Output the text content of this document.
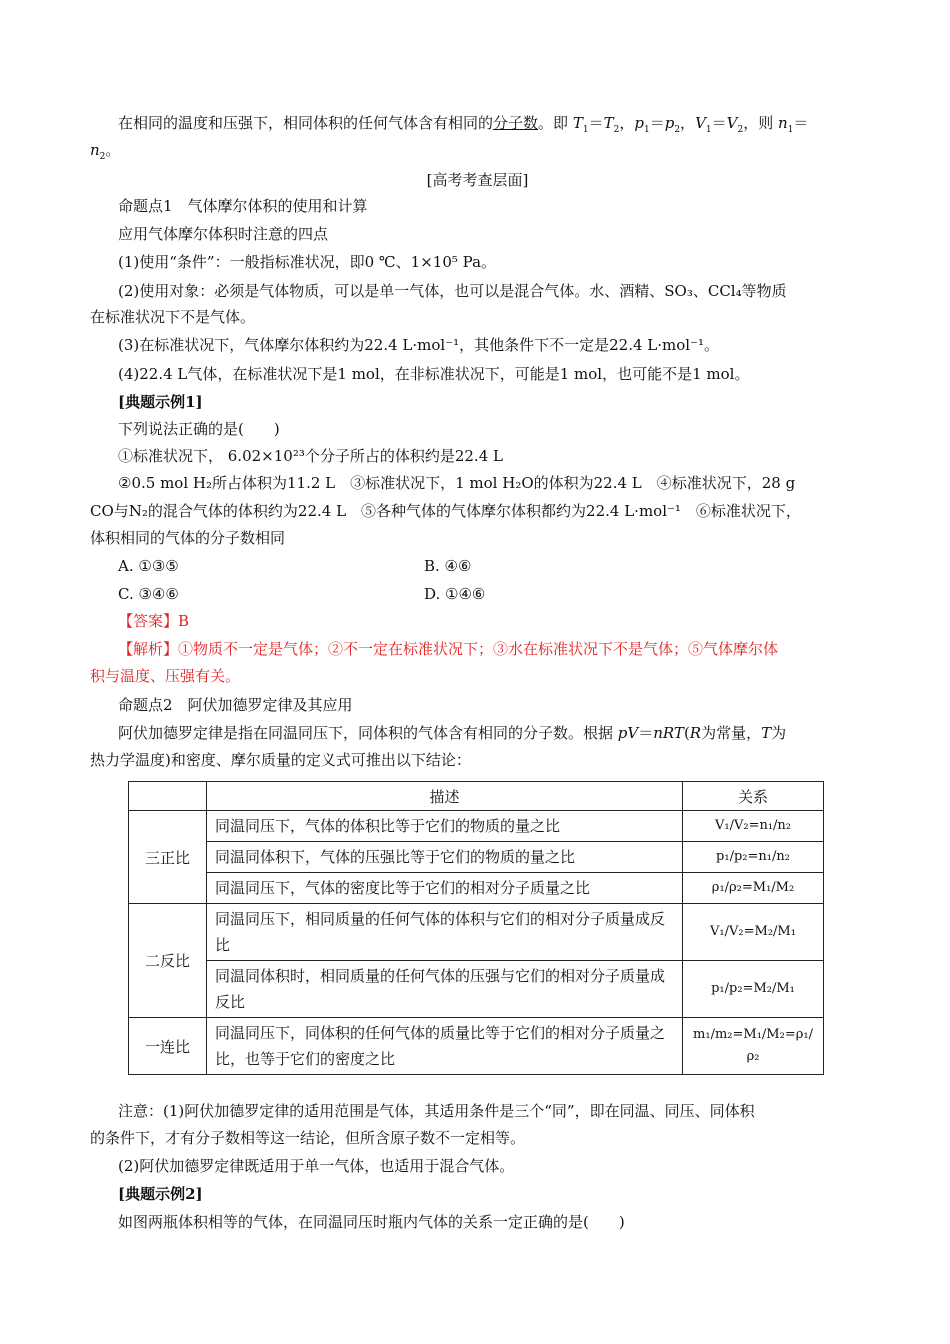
在相同的温度和压强下，相同体积的任何气体含有相同的分子数。即 $T_1=T_2$，$p_1=p_2$，$V_1=V_2$，则 $n_1=$
$n_2$。
[高考考查层面]
命题点1　气体摩尔体积的使用和计算
应用气体摩尔体积时注意的四点
(1)使用“条件”：一般指标准状况，即0 ℃、1×10⁵ Pa。
(2)使用对象：必须是气体物质，可以是单一气体，也可以是混合气体。水、酒精、SO₃、CCl₄等物质
在标准状况下不是气体。
(3)在标准状况下，气体摩尔体积约为22.4 L·mol⁻¹，其他条件下不一定是22.4 L·mol⁻¹。
(4)22.4 L气体，在标准状况下是1 mol，在非标准状况下，可能是1 mol，也可能不是1 mol。
[典题示例1]
下列说法正确的是(　　)
①标准状况下， 6.02×10²³个分子所占的体积约是22.4 L
②0.5 mol H₂所占体积为11.2 L　③标准状况下，1 mol H₂O的体积为22.4 L　④标准状况下，28 g
CO与N₂的混合气体的体积约为22.4 L　⑤各种气体的气体摩尔体积都约为22.4 L·mol⁻¹　⑥标准状况下，
体积相同的气体的分子数相同
A. ①③⑤	B. ④⑥
C. ③④⑥	D. ①④⑥
【答案】B
【解析】①物质不一定是气体；②不一定在标准状况下；③水在标准状况下不是气体；⑤气体摩尔体
积与温度、压强有关。
命题点2　阿伏加德罗定律及其应用
阿伏加德罗定律是指在同温同压下，同体积的气体含有相同的分子数。根据 pV＝nRT(R为常量，T为
热力学温度)和密度、摩尔质量的定义式可推出以下结论：
	描述	关系
三正比	同温同压下，气体的体积比等于它们的物质的量之比	V₁/V₂=n₁/n₂
	同温同体积下，气体的压强比等于它们的物质的量之比	p₁/p₂=n₁/n₂
	同温同压下，气体的密度比等于它们的相对分子质量之比	ρ₁/ρ₂=M₁/M₂
二反比	同温同压下，相同质量的任何气体的体积与它们的相对分子质量成反比	V₁/V₂=M₂/M₁
	同温同体积时，相同质量的任何气体的压强与它们的相对分子质量成反比	p₁/p₂=M₂/M₁
一连比	同温同压下，同体积的任何气体的质量比等于它们的相对分子质量之比，也等于它们的密度之比	m₁/m₂=M₁/M₂=ρ₁/ρ₂
注意：(1)阿伏加德罗定律的适用范围是气体，其适用条件是三个“同”，即在同温、同压、同体积
的条件下，才有分子数相等这一结论，但所含原子数不一定相等。
(2)阿伏加德罗定律既适用于单一气体，也适用于混合气体。
[典题示例2]
如图两瓶体积相等的气体，在同温同压时瓶内气体的关系一定正确的是(　　)
